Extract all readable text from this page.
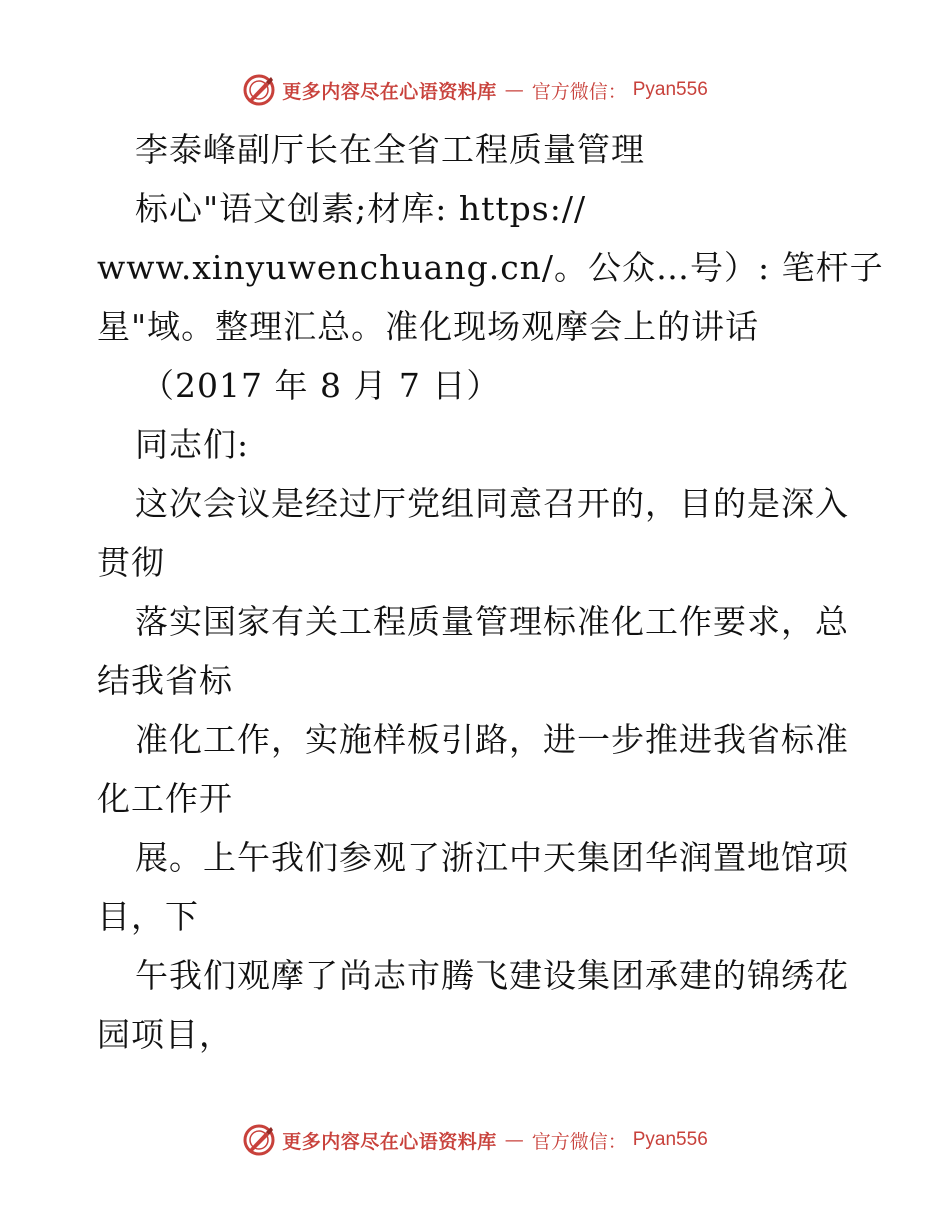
更多内容尽在心语资料库 — 官方微信： Pyan556
李泰峰副厅长在全省工程质量管理
标心"语文创素;材库: https://
www.xinyuwenchuang.cn/。公众…号）: 笔杆子
星"域。整理汇总。准化现场观摩会上的讲话
（2017 年 8 月 7 日）
同志们:
这次会议是经过厅党组同意召开的，目的是深入
贯彻
落实国家有关工程质量管理标准化工作要求，总
结我省标
准化工作，实施样板引路，进一步推进我省标准
化工作开
展。上午我们参观了浙江中天集团华润置地馆项
目，下
午我们观摩了尚志市腾飞建设集团承建的锦绣花
园项目，
更多内容尽在心语资料库 — 官方微信： Pyan556
